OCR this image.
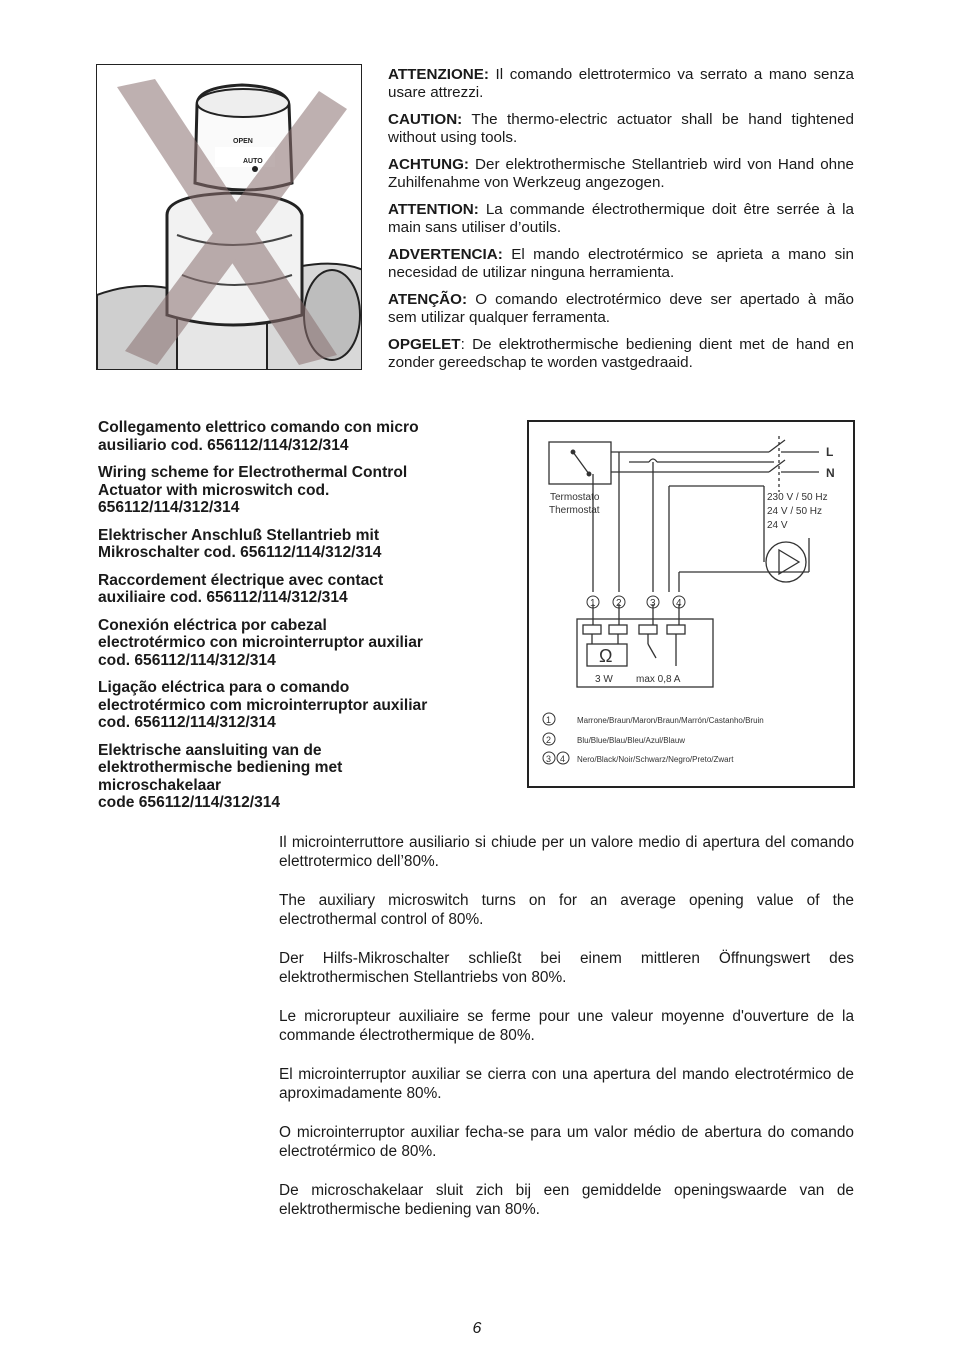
OPEN
AUTO

ATTENZIONE: Il comando elettrotermico va serrato a mano senza usare attrezzi.

CAUTION: The thermo-electric actuator shall be hand tightened without using tools.

ACHTUNG: Der elektrothermische Stellantrieb wird von Hand ohne Zuhilfenahme von Werkzeug angezogen.

ATTENTION: La commande électrothermique doit être serrée à la main sans utiliser d’outils.

ADVERTENCIA: El mando electrotérmico se aprieta a mano sin necesidad de utilizar ninguna herramienta.

ATENÇÃO: O comando electrotérmico deve ser apertado à mão sem utilizar qualquer ferramenta.

OPGELET: De elektrothermische bediening dient met de hand en zonder gereedschap te worden vastgedraaid.

Collegamento elettrico comando con micro
ausiliario cod. 656112/114/312/314

Wiring scheme for Electrothermal Control
Actuator with microswitch cod.
656112/114/312/314

Elektrischer Anschluß Stellantrieb mit
Mikroschalter cod. 656112/114/312/314

Raccordement électrique avec contact
auxiliaire cod. 656112/114/312/314

Conexión eléctrica por cabezal
electrotérmico con microinterruptor auxiliar
cod. 656112/114/312/314

Ligação eléctrica para o comando
electrotérmico com microinterruptor auxiliar
cod. 656112/114/312/314

Elektrische aansluiting van de
elektrothermische bediening met
microschakelaar
code 656112/114/312/314

L
N
Termostato
Thermostat
230 V / 50 Hz
24 V / 50 Hz
24 V
1 2	3 4
Ω
3 W max 0,8 A
1
2
3 4
Marrone/Braun/Maron/Braun/Marrón/Castanho/Bruin
Blu/Blue/Blau/Bleu/Azul/Blauw
Nero/Black/Noir/Schwarz/Negro/Preto/Zwart

Il microinterruttore ausiliario si chiude per un valore medio di apertura del comando elettrotermico dell’80%.

The auxiliary microswitch turns on for an average opening value of the electrothermal control of 80%.

Der Hilfs-Mikroschalter schließt bei einem mittleren Öffnungswert des elektrothermischen Stellantriebs von 80%.

Le microrupteur auxiliaire se ferme pour une valeur moyenne d'ouverture de la commande électrothermique de 80%.

El microinterruptor auxiliar se cierra con una apertura del mando electrotérmico de aproximadamente 80%.

O microinterruptor auxiliar fecha-se para um valor médio de abertura do comando electrotérmico de 80%.

De microschakelaar sluit zich bij een gemiddelde openingswaarde van de elektrothermische bediening van 80%.

6
